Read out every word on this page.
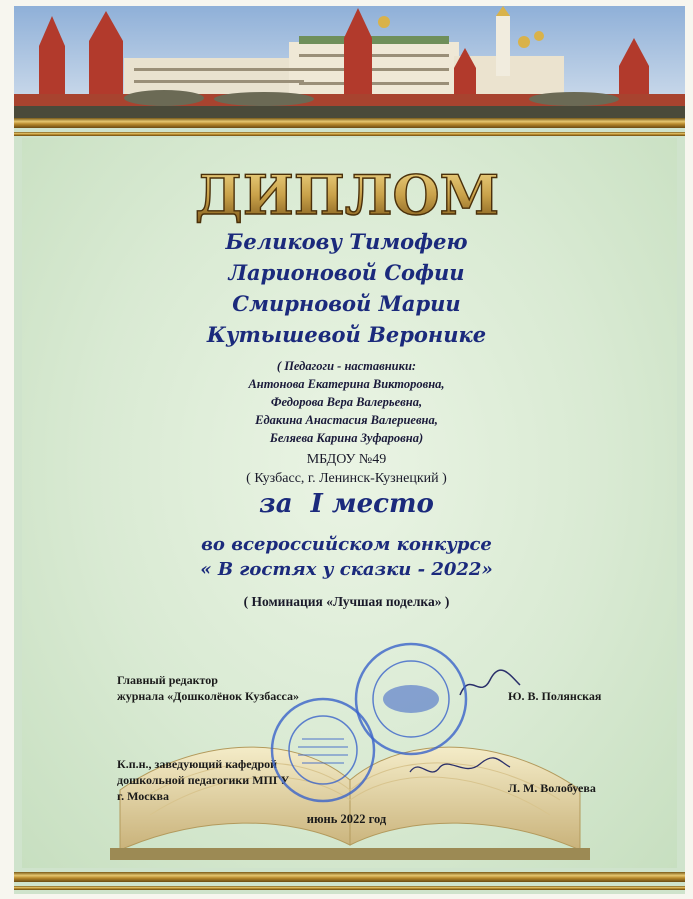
ДИПЛОМ
Беликову Тимофею
Ларионовой Софии
Смирновой Марии
Кутышевой Веронике
( Педагоги - наставники:
Антонова Екатерина Викторовна,
Федорова Вера Валерьевна,
Едакина Анастасия Валериевна,
Беляева Карина Зуфаровна)
МБДОУ №49
( Кузбасс, г. Ленинск-Кузнецкий )
за  I место
во всероссийском конкурсе
« В гостях у сказки - 2022»
( Номинация «Лучшая поделка» )
Главный редактор
журнала «Дошколёнок Кузбасса»	Ю. В. Полянская
К.п.н., заведующий кафедрой
дошкольной педагогики МПГУ
г. Москва
Л. М. Волобуева
июнь 2022 год
